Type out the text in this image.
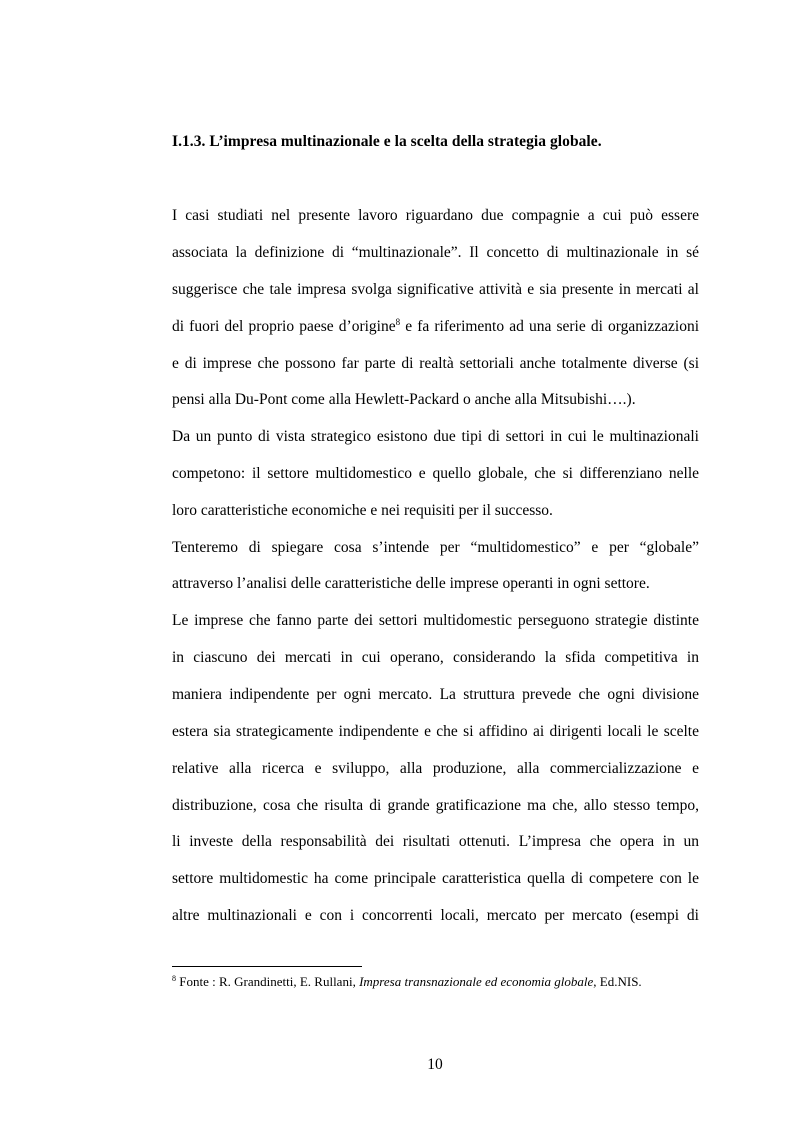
I.1.3. L’impresa multinazionale e la scelta della strategia globale.
I casi studiati nel presente lavoro riguardano due compagnie a cui può essere
associata la definizione di “multinazionale”. Il concetto di multinazionale in sé
suggerisce che tale impresa svolga significative attività e sia presente in mercati al
di fuori del proprio paese d’origine$^8$ e fa riferimento ad una serie di organizzazioni
e di imprese che possono far parte di realtà settoriali anche totalmente diverse (si
pensi alla Du-Pont come alla Hewlett-Packard o anche alla Mitsubishi….).
Da un punto di vista strategico esistono due tipi di settori in cui le multinazionali
competono: il settore multidomestico e quello globale, che si differenziano nelle
loro caratteristiche economiche e nei requisiti per il successo.
Tenteremo di spiegare cosa s’intende per “multidomestico” e per “globale”
attraverso l’analisi delle caratteristiche delle imprese operanti in ogni settore.
Le imprese che fanno parte dei settori multidomestic perseguono strategie distinte
in ciascuno dei mercati in cui operano, considerando la sfida competitiva in
maniera indipendente per ogni mercato. La struttura prevede che ogni divisione
estera sia strategicamente indipendente e che si affidino ai dirigenti locali le scelte
relative alla ricerca e sviluppo, alla produzione, alla commercializzazione e
distribuzione, cosa che risulta di grande gratificazione ma che, allo stesso tempo,
li investe della responsabilità dei risultati ottenuti. L’impresa che opera in un
settore multidomestic ha come principale caratteristica quella di competere con le
altre multinazionali e con i concorrenti locali, mercato per mercato (esempi di
$^8$ Fonte : R. Grandinetti, E. Rullani, Impresa transnazionale ed economia globale, Ed.NIS.
10
